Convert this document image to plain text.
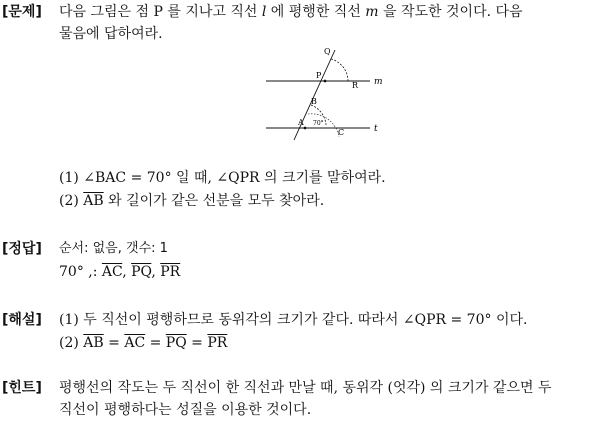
[문제] 다음 그림은 점 P 를 지나고 직선 l 에 평행한 직선 m 을 작도한 것이다. 다음
물음에 답하여라.
Q
P
R m
B
A 70°
C	t
(1) ∠BAC = 70° 일 때, ∠QPR 의 크기를 말하여라.
(2) $\overline{AB}$ 와 길이가 같은 선분을 모두 찾아라.
[정답] 순서: 없음, 갯수: 1
70° ,: $\overline{AC}$, $\overline{PQ}$, $\overline{PR}$
[해설] (1) 두 직선이 평행하므로 동위각의 크기가 같다. 따라서 ∠QPR = 70° 이다.
(2) $\overline{AB} = \overline{AC} = \overline{PQ} = \overline{PR}$
[힌트] 평행선의 작도는 두 직선이 한 직선과 만날 때, 동위각 (엇각) 의 크기가 같으면 두
직선이 평행하다는 성질을 이용한 것이다.
